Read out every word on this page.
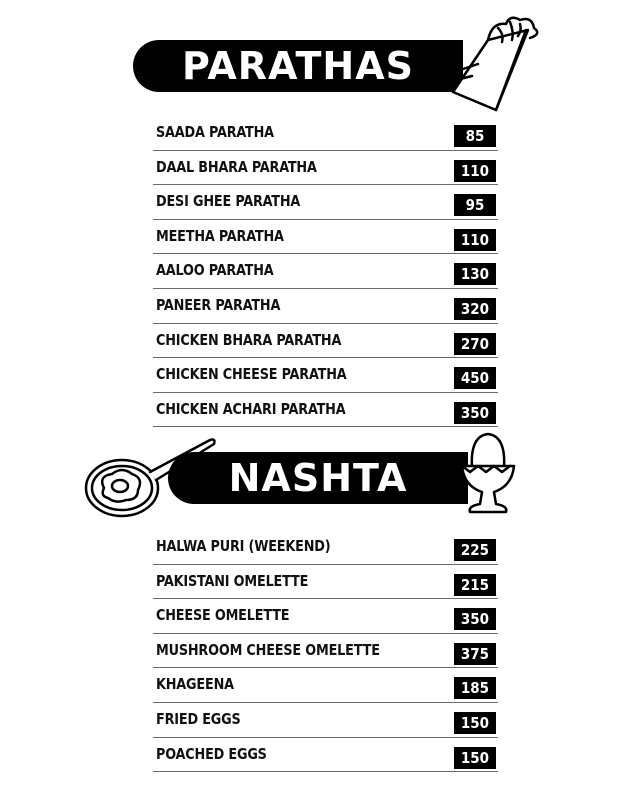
PARATHAS
SAADA PARATHA	85
DAAL BHARA PARATHA	110
DESI GHEE PARATHA	95
MEETHA PARATHA	110
AALOO PARATHA	130
PANEER PARATHA	320
CHICKEN BHARA PARATHA	270
CHICKEN CHEESE PARATHA	450
CHICKEN ACHARI PARATHA	350
NASHTA
HALWA PURI (WEEKEND)	225
PAKISTANI OMELETTE	215
CHEESE OMELETTE	350
MUSHROOM CHEESE OMELETTE	375
KHAGEENA	185
FRIED EGGS	150
POACHED EGGS	150
